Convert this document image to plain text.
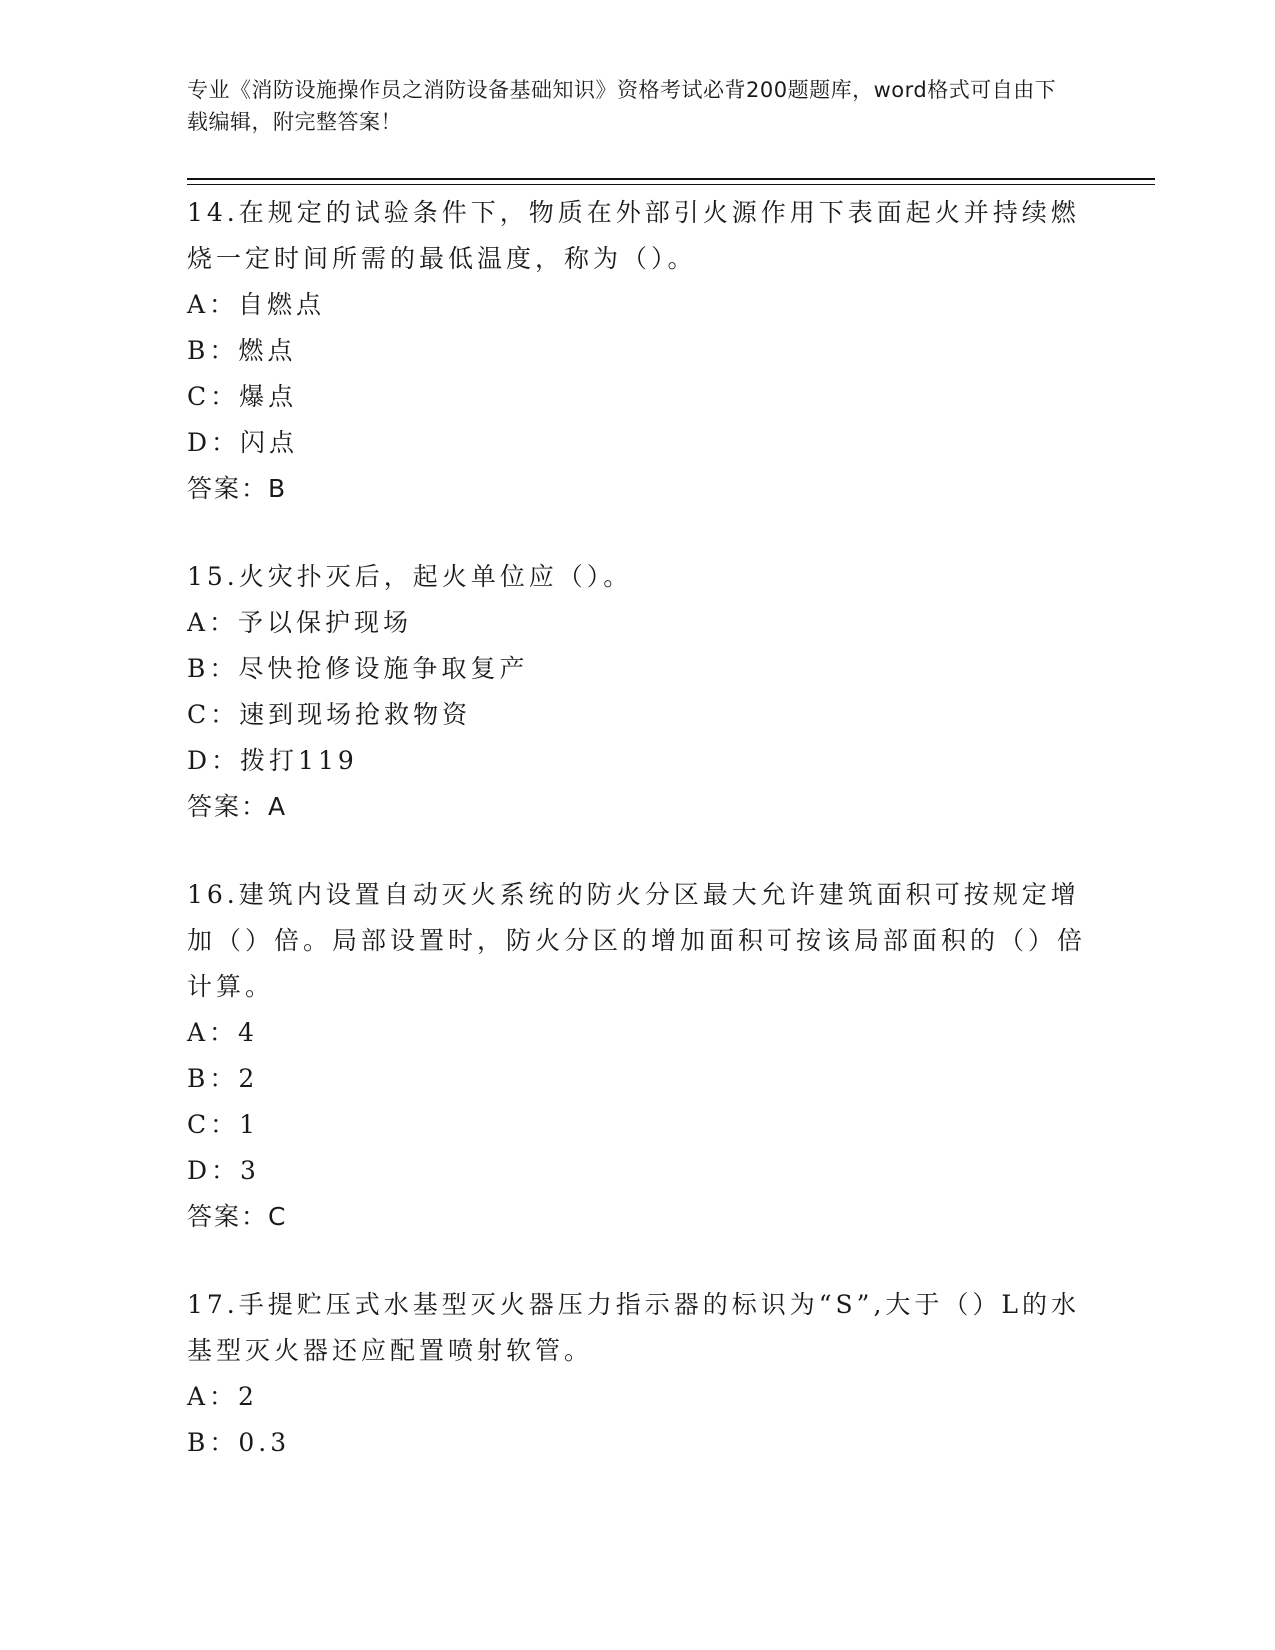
专业《消防设施操作员之消防设备基础知识》资格考试必背200题题库，word格式可自由下载编辑，附完整答案！

14.在规定的试验条件下，物质在外部引火源作用下表面起火并持续燃烧一定时间所需的最低温度，称为（）。

A：自燃点
B：燃点
C：爆点
D：闪点
答案：B

15.火灾扑灭后，起火单位应（）。

A：予以保护现场
B：尽快抢修设施争取复产
C：速到现场抢救物资
D：拨打119
答案：A

16.建筑内设置自动灭火系统的防火分区最大允许建筑面积可按规定增加（）倍。局部设置时，防火分区的增加面积可按该局部面积的（）倍计算。

A：4
B：2
C：1
D：3
答案：C

17.手提贮压式水基型灭火器压力指示器的标识为“S”,大于（）L的水基型灭火器还应配置喷射软管。

A：2
B：0.3
